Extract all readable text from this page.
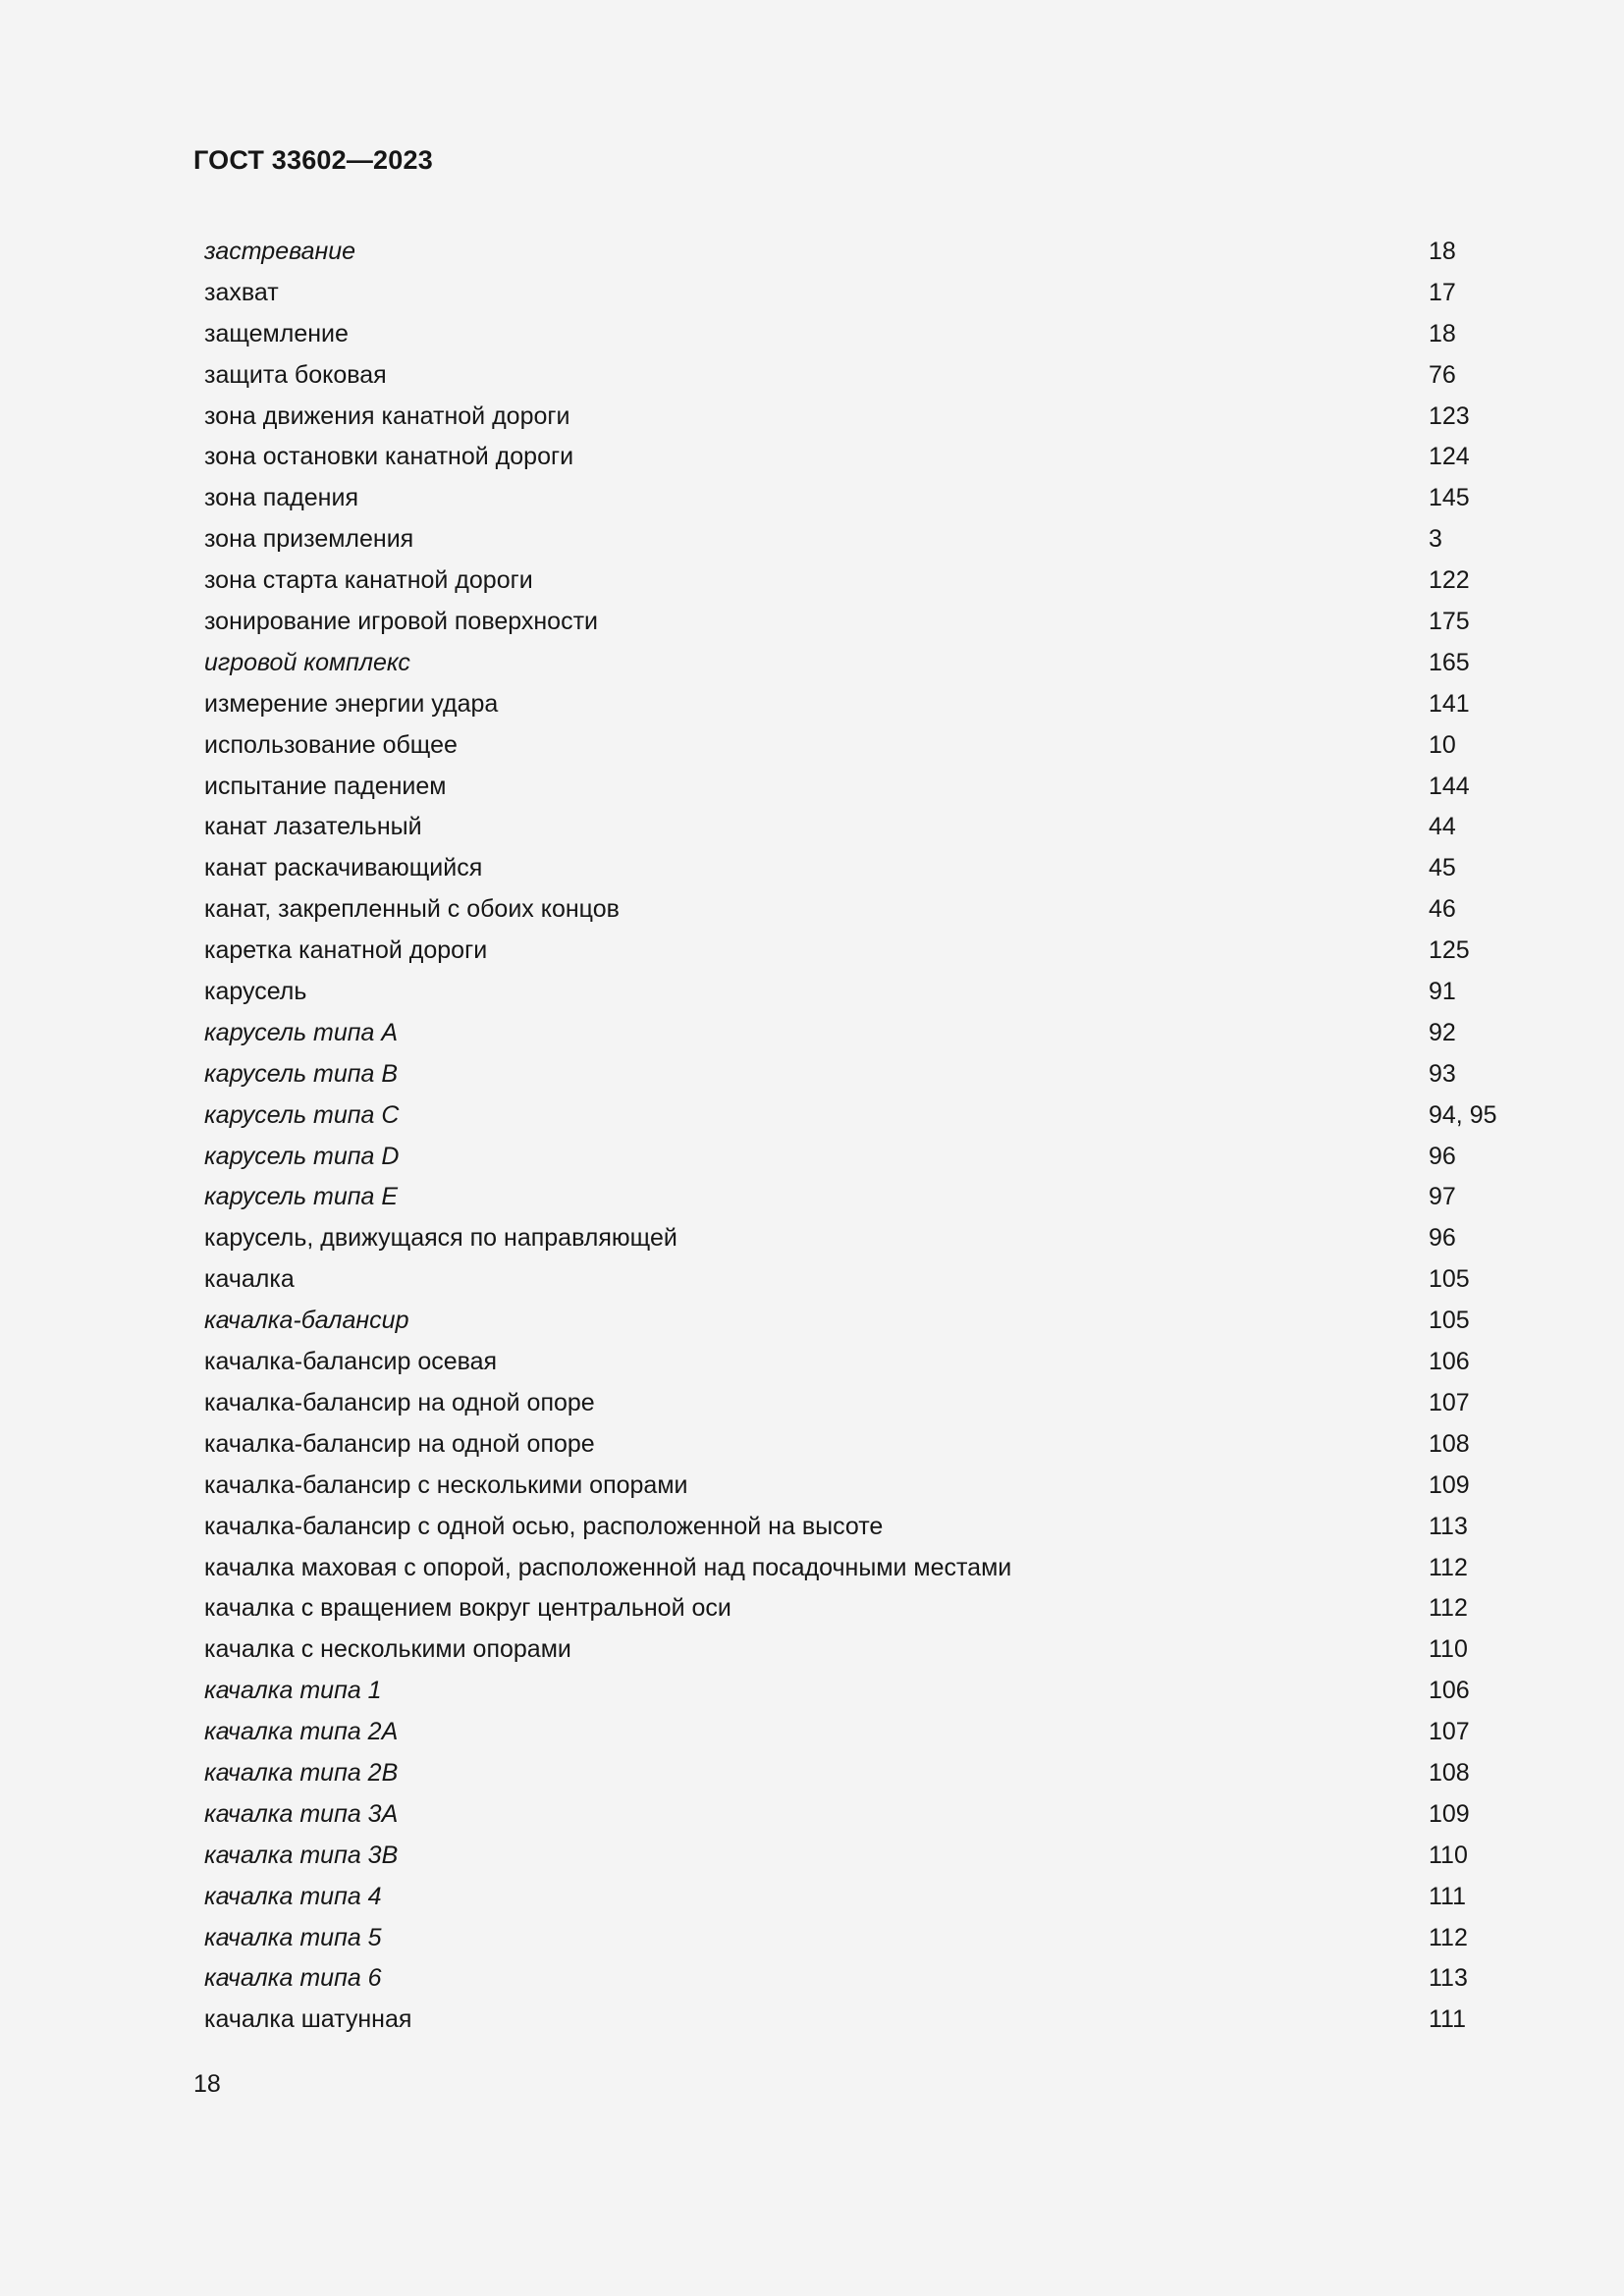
ГОСТ 33602—2023
застревание	18
захват	17
защемление	18
защита боковая	76
зона движения канатной дороги	123
зона остановки канатной дороги	124
зона падения	145
зона приземления	3
зона старта канатной дороги	122
зонирование игровой поверхности	175
игровой комплекс	165
измерение энергии удара	141
использование общее	10
испытание падением	144
канат лазательный	44
канат раскачивающийся	45
канат, закрепленный с обоих концов	46
каретка канатной дороги	125
карусель	91
карусель типа A	92
карусель типа B	93
карусель типа C	94, 95
карусель типа D	96
карусель типа E	97
карусель, движущаяся по направляющей	96
качалка	105
качалка-балансир	105
качалка-балансир осевая	106
качалка-балансир на одной опоре	107
качалка-балансир на одной опоре	108
качалка-балансир с несколькими опорами	109
качалка-балансир с одной осью, расположенной на высоте	113
качалка маховая с опорой, расположенной над посадочными местами	112
качалка с вращением вокруг центральной оси	112
качалка с несколькими опорами	110
качалка типа 1	106
качалка типа 2A	107
качалка типа 2B	108
качалка типа 3A	109
качалка типа 3B	110
качалка типа 4	111
качалка типа 5	112
качалка типа 6	113
качалка шатунная	111

18
